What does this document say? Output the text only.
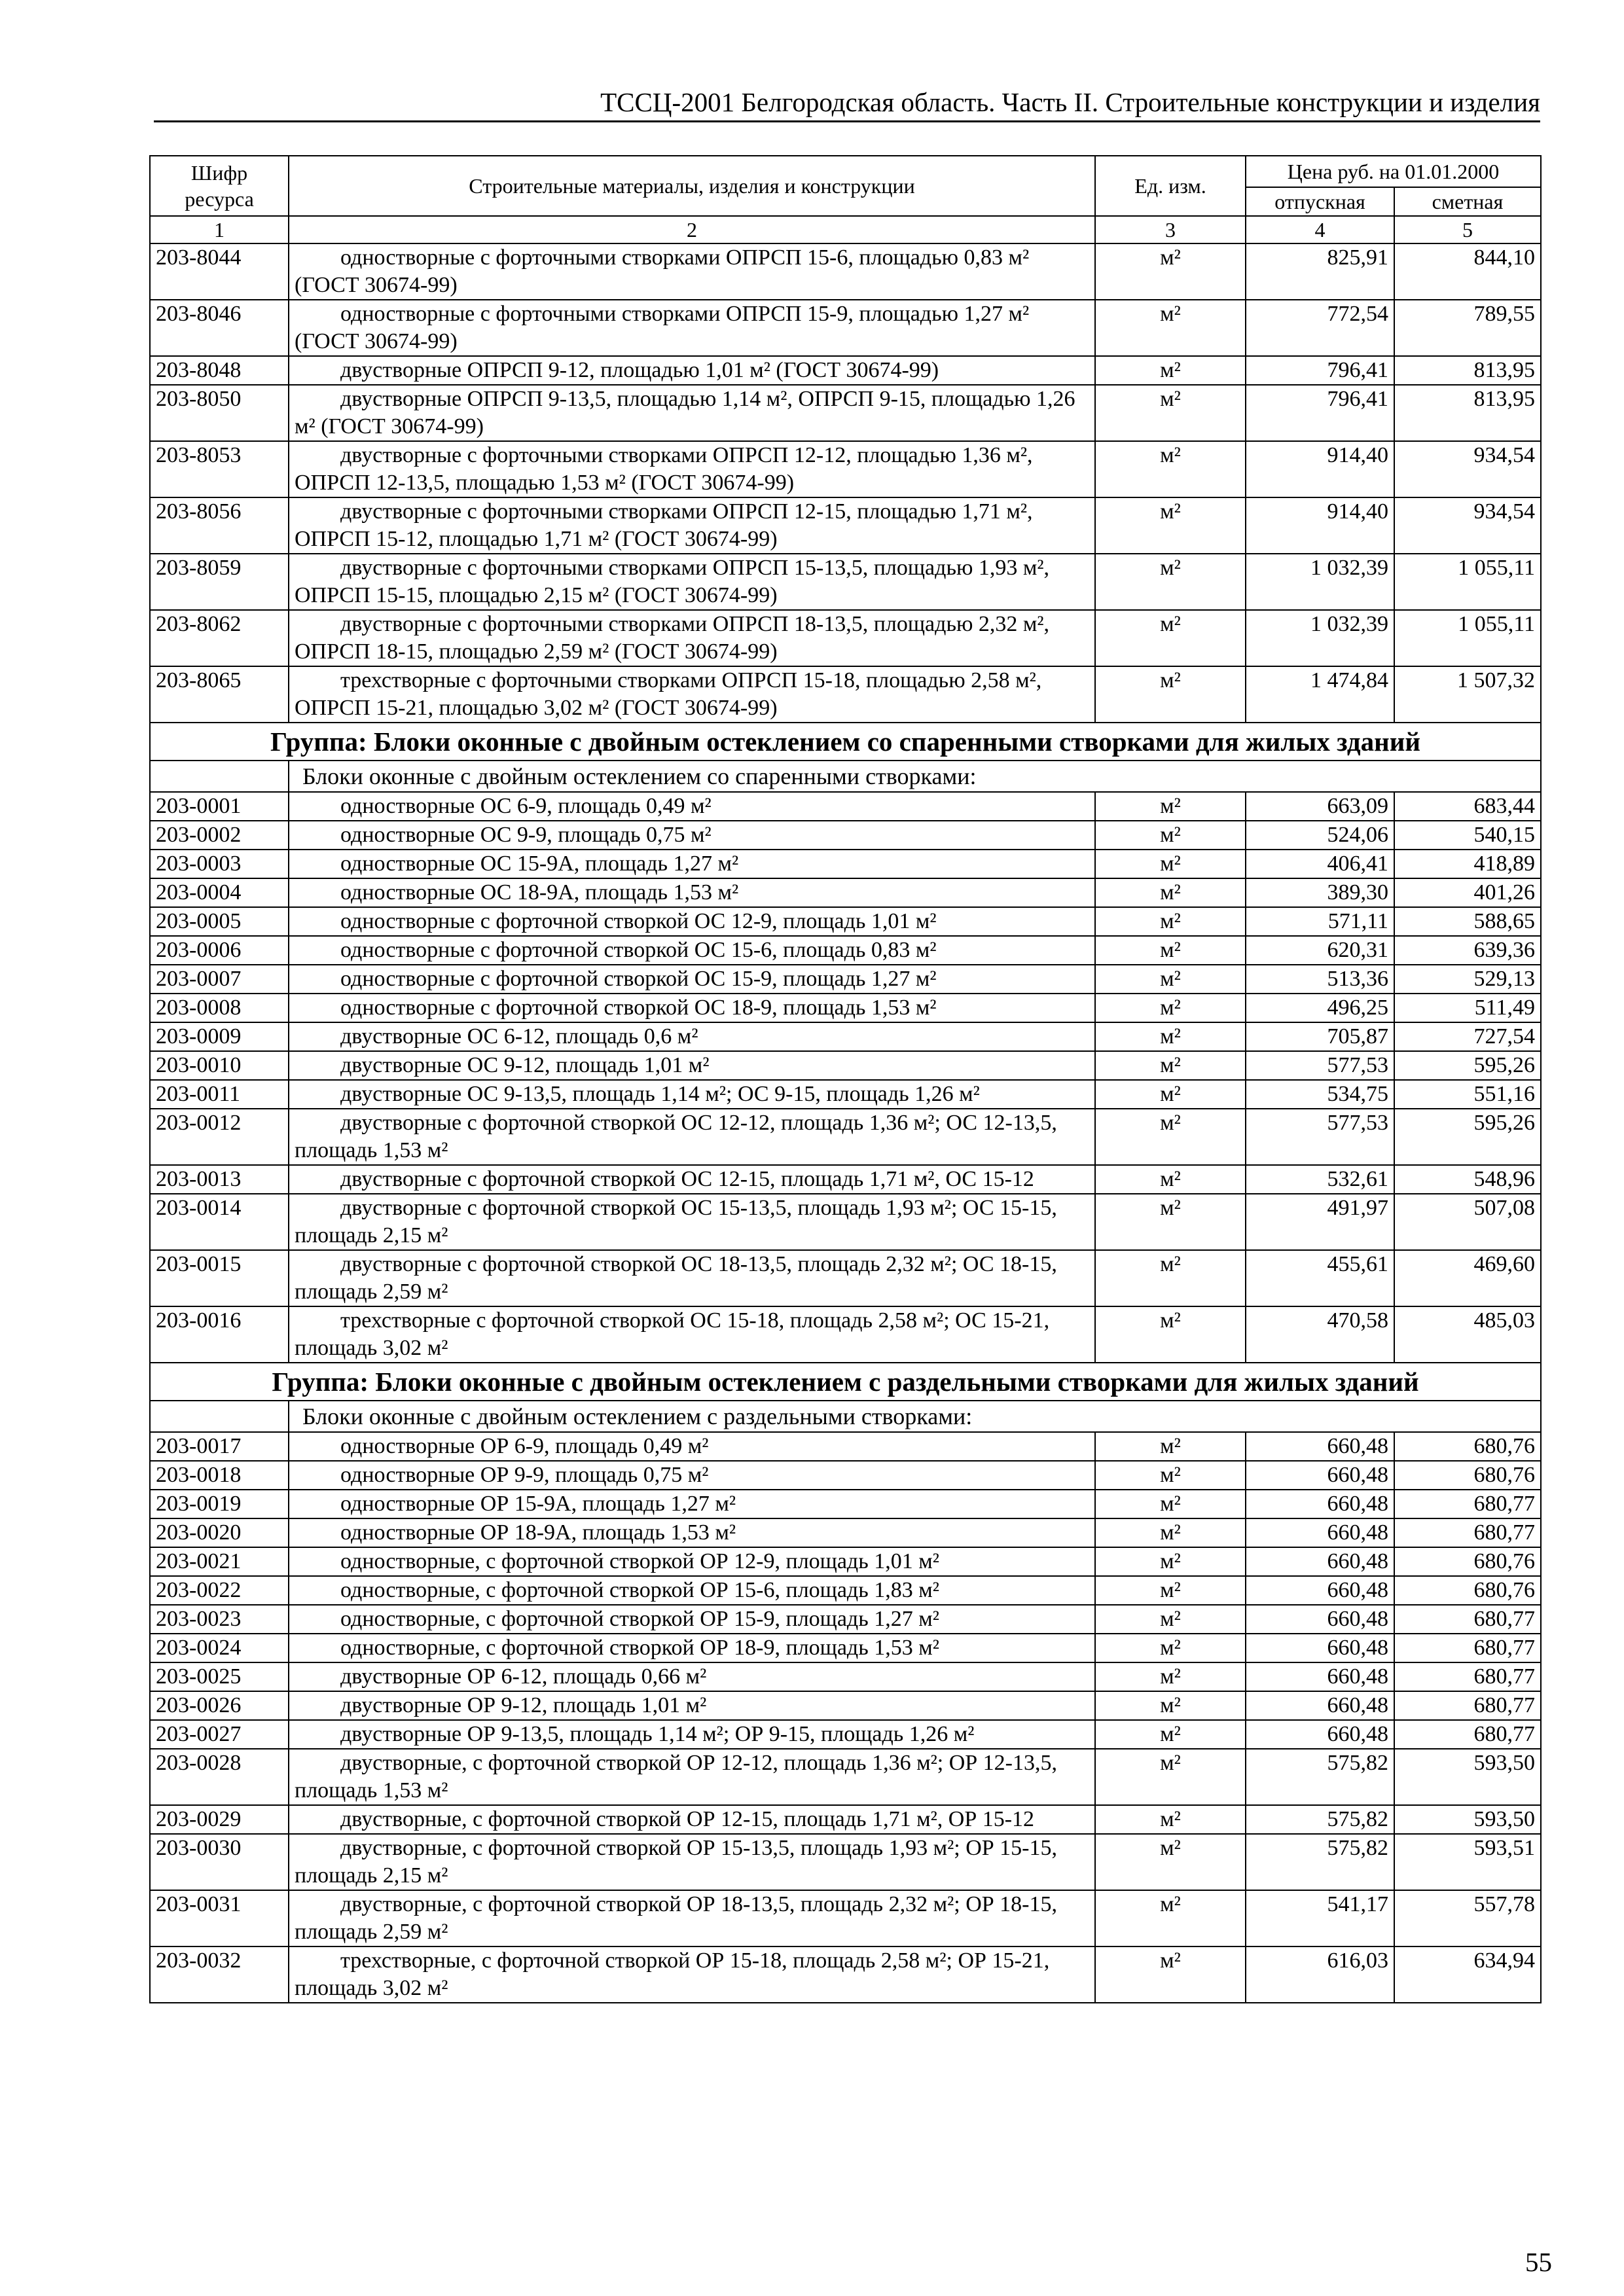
ТССЦ-2001 Белгородская область. Часть II. Строительные конструкции и изделия
Шифр ресурса	Строительные материалы, изделия и конструкции	Ед. изм.	Цена руб. на 01.01.2000	
			отпускная	сметная
1	2	3	4	5
203-8044	одностворные с форточными створками ОПРСП 15-6, площадью 0,83 м² (ГОСТ 30674-99)	м²	825,91	844,10
203-8046	одностворные с форточными створками ОПРСП 15-9, площадью 1,27 м² (ГОСТ 30674-99)	м²	772,54	789,55
203-8048	двустворные ОПРСП 9-12, площадью 1,01 м² (ГОСТ 30674-99)	м²	796,41	813,95
203-8050	двустворные ОПРСП 9-13,5, площадью 1,14 м², ОПРСП 9-15, площадью 1,26 м² (ГОСТ 30674-99)	м²	796,41	813,95
203-8053	двустворные с форточными створками ОПРСП 12-12, площадью 1,36 м², ОПРСП 12-13,5, площадью 1,53 м² (ГОСТ 30674-99)	м²	914,40	934,54
203-8056	двустворные с форточными створками ОПРСП 12-15, площадью 1,71 м², ОПРСП 15-12, площадью 1,71 м² (ГОСТ 30674-99)	м²	914,40	934,54
203-8059	двустворные с форточными створками ОПРСП 15-13,5, площадью 1,93 м², ОПРСП 15-15, площадью 2,15 м² (ГОСТ 30674-99)	м²	1 032,39	1 055,11
203-8062	двустворные с форточными створками ОПРСП 18-13,5, площадью 2,32 м², ОПРСП 18-15, площадью 2,59 м² (ГОСТ 30674-99)	м²	1 032,39	1 055,11
203-8065	трехстворные с форточными створками ОПРСП 15-18, площадью 2,58 м², ОПРСП 15-21, площадью 3,02 м² (ГОСТ 30674-99)	м²	1 474,84	1 507,32
Группа: Блоки оконные с двойным остеклением со спаренными створками для жилых зданий				
	Блоки оконные с двойным остеклением со спаренными створками:			
203-0001	одностворные ОС 6-9, площадь 0,49 м²	м²	663,09	683,44
203-0002	одностворные ОС 9-9, площадь 0,75 м²	м²	524,06	540,15
203-0003	одностворные ОС 15-9А, площадь 1,27 м²	м²	406,41	418,89
203-0004	одностворные ОС 18-9А, площадь 1,53 м²	м²	389,30	401,26
203-0005	одностворные с форточной створкой ОС 12-9, площадь 1,01 м²	м²	571,11	588,65
203-0006	одностворные с форточной створкой ОС 15-6, площадь 0,83 м²	м²	620,31	639,36
203-0007	одностворные с форточной створкой ОС 15-9, площадь 1,27 м²	м²	513,36	529,13
203-0008	одностворные с форточной створкой ОС 18-9, площадь 1,53 м²	м²	496,25	511,49
203-0009	двустворные ОС 6-12, площадь 0,6 м²	м²	705,87	727,54
203-0010	двустворные ОС 9-12, площадь 1,01 м²	м²	577,53	595,26
203-0011	двустворные ОС 9-13,5, площадь 1,14 м²; ОС 9-15, площадь 1,26 м²	м²	534,75	551,16
203-0012	двустворные с форточной створкой ОС 12-12, площадь 1,36 м²; ОС 12-13,5, площадь 1,53 м²	м²	577,53	595,26
203-0013	двустворные с форточной створкой ОС 12-15, площадь 1,71 м², ОС 15-12	м²	532,61	548,96
203-0014	двустворные с форточной створкой ОС 15-13,5, площадь 1,93 м²; ОС 15-15, площадь 2,15 м²	м²	491,97	507,08
203-0015	двустворные с форточной створкой ОС 18-13,5, площадь 2,32 м²; ОС 18-15, площадь 2,59 м²	м²	455,61	469,60
203-0016	трехстворные с форточной створкой ОС 15-18, площадь 2,58 м²; ОС 15-21, площадь 3,02 м²	м²	470,58	485,03
Группа: Блоки оконные с двойным остеклением с раздельными створками для жилых зданий				
	Блоки оконные с двойным остеклением с раздельными створками:			
203-0017	одностворные ОР 6-9, площадь 0,49 м²	м²	660,48	680,76
203-0018	одностворные ОР 9-9, площадь 0,75 м²	м²	660,48	680,76
203-0019	одностворные ОР 15-9А, площадь 1,27 м²	м²	660,48	680,77
203-0020	одностворные ОР 18-9А, площадь 1,53 м²	м²	660,48	680,77
203-0021	одностворные, с форточной створкой ОР 12-9, площадь 1,01 м²	м²	660,48	680,76
203-0022	одностворные, с форточной створкой ОР 15-6, площадь 1,83 м²	м²	660,48	680,76
203-0023	одностворные, с форточной створкой ОР 15-9, площадь 1,27 м²	м²	660,48	680,77
203-0024	одностворные, с форточной створкой ОР 18-9, площадь 1,53 м²	м²	660,48	680,77
203-0025	двустворные ОР 6-12, площадь 0,66 м²	м²	660,48	680,77
203-0026	двустворные ОР 9-12, площадь 1,01 м²	м²	660,48	680,77
203-0027	двустворные ОР 9-13,5, площадь 1,14 м²; ОР 9-15, площадь 1,26 м²	м²	660,48	680,77
203-0028	двустворные, с форточной створкой ОР 12-12, площадь 1,36 м²; ОР 12-13,5, площадь 1,53 м²	м²	575,82	593,50
203-0029	двустворные, с форточной створкой ОР 12-15, площадь 1,71 м², ОР 15-12	м²	575,82	593,50
203-0030	двустворные, с форточной створкой ОР 15-13,5, площадь 1,93 м²; ОР 15-15, площадь 2,15 м²	м²	575,82	593,51
203-0031	двустворные, с форточной створкой ОР 18-13,5, площадь 2,32 м²; ОР 18-15, площадь 2,59 м²	м²	541,17	557,78
203-0032	трехстворные, с форточной створкой ОР 15-18, площадь 2,58 м²; ОР 15-21, площадь 3,02 м²	м²	616,03	634,94
55
